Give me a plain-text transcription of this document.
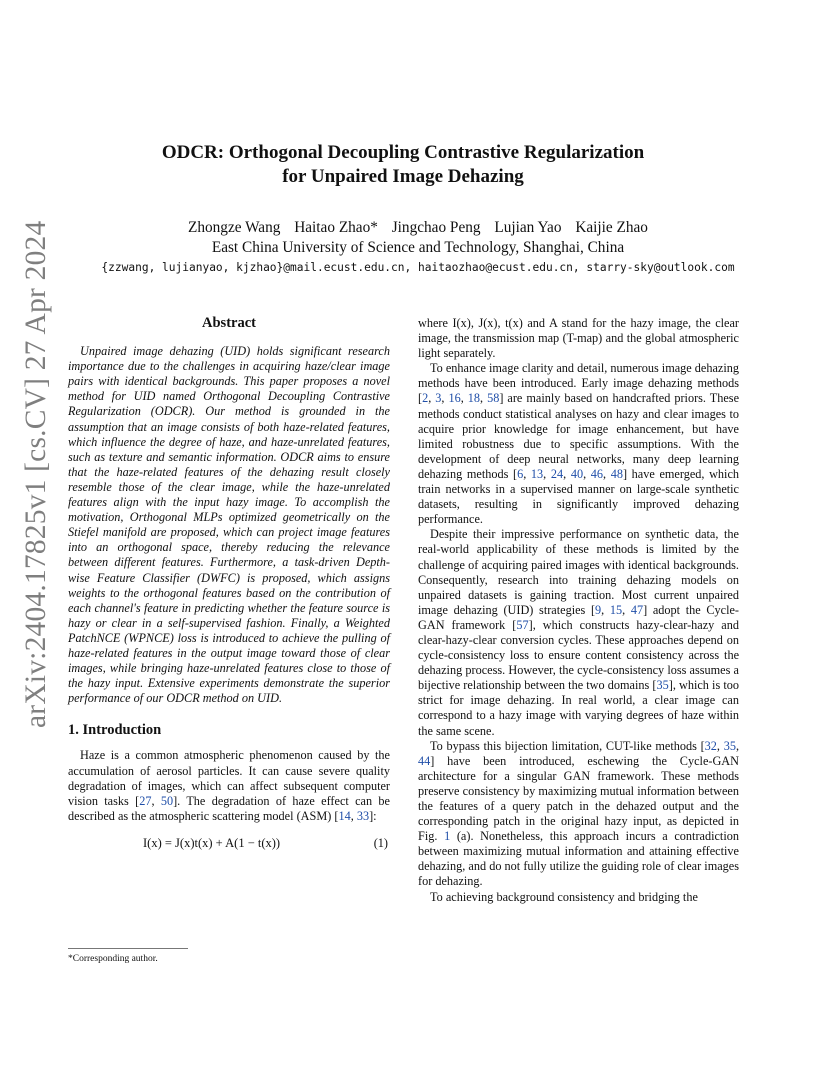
arXiv:2404.17825v1 [cs.CV] 27 Apr 2024
ODCR: Orthogonal Decoupling Contrastive Regularization
for Unpaired Image Dehazing
Zhongze Wang Haitao Zhao* Jingchao Peng Lujian Yao Kaijie Zhao
East China University of Science and Technology, Shanghai, China
{zzwang, lujianyao, kjzhao}@mail.ecust.edu.cn, haitaozhao@ecust.edu.cn, starry-sky@outlook.com
Abstract

Unpaired image dehazing (UID) holds significant research importance due to the challenges in acquiring haze/clear image pairs with identical backgrounds. This paper proposes a novel method for UID named Orthogonal Decoupling Contrastive Regularization (ODCR). Our method is grounded in the assumption that an image consists of both haze-related features, which influence the degree of haze, and haze-unrelated features, such as texture and semantic information. ODCR aims to ensure that the haze-related features of the dehazing result closely resemble those of the clear image, while the haze-unrelated features align with the input hazy image. To accomplish the motivation, Orthogonal MLPs optimized geometrically on the Stiefel manifold are proposed, which can project image features into an orthogonal space, thereby reducing the relevance between different features. Furthermore, a task-driven Depth-wise Feature Classifier (DWFC) is proposed, which assigns weights to the orthogonal features based on the contribution of each channel's feature in predicting whether the feature source is hazy or clear in a self-supervised fashion. Finally, a Weighted PatchNCE (WPNCE) loss is introduced to achieve the pulling of haze-related features in the output image toward those of clear images, while bringing haze-unrelated features close to those of the hazy input. Extensive experiments demonstrate the superior performance of our ODCR method on UID.

1. Introduction

Haze is a common atmospheric phenomenon caused by the accumulation of aerosol particles. It can cause severe quality degradation of images, which can affect subsequent computer vision tasks [27, 50]. The degradation of haze effect can be described as the atmospheric scattering model (ASM) [14, 33]:

I(x) = J(x)t(x) + A(1 − t(x))	(1)
*Corresponding author.

where I(x), J(x), t(x) and A stand for the hazy image, the clear image, the transmission map (T-map) and the global atmospheric light separately.

To enhance image clarity and detail, numerous image dehazing methods have been introduced. Early image dehazing methods [2, 3, 16, 18, 58] are mainly based on handcrafted priors. These methods conduct statistical analyses on hazy and clear images to acquire prior knowledge for image enhancement, but have limited robustness due to specific assumptions. With the development of deep neural networks, many deep learning dehazing methods [6, 13, 24, 40, 46, 48] have emerged, which train networks in a supervised manner on large-scale synthetic datasets, resulting in significantly improved dehazing performance.

Despite their impressive performance on synthetic data, the real-world applicability of these methods is limited by the challenge of acquiring paired images with identical backgrounds. Consequently, research into training dehazing models on unpaired datasets is gaining traction. Most current unpaired image dehazing (UID) strategies [9, 15, 47] adopt the Cycle-GAN framework [57], which constructs hazy-clear-hazy and clear-hazy-clear conversion cycles. These approaches depend on cycle-consistency loss to ensure content consistency across the dehazing process. However, the cycle-consistency loss assumes a bijective relationship between the two domains [35], which is too strict for image dehazing. In real world, a clear image can correspond to a hazy image with varying degrees of haze within the same scene.

To bypass this bijection limitation, CUT-like methods [32, 35, 44] have been introduced, eschewing the Cycle-GAN architecture for a singular GAN framework. These methods preserve consistency by maximizing mutual information between the features of a query patch in the dehazed output and the corresponding patch in the original hazy input, as depicted in Fig. 1 (a). Nonetheless, this approach incurs a contradiction between maximizing mutual information and attaining effective dehazing, and do not fully utilize the guiding role of clear images for dehazing.

To achieving background consistency and bridging the
